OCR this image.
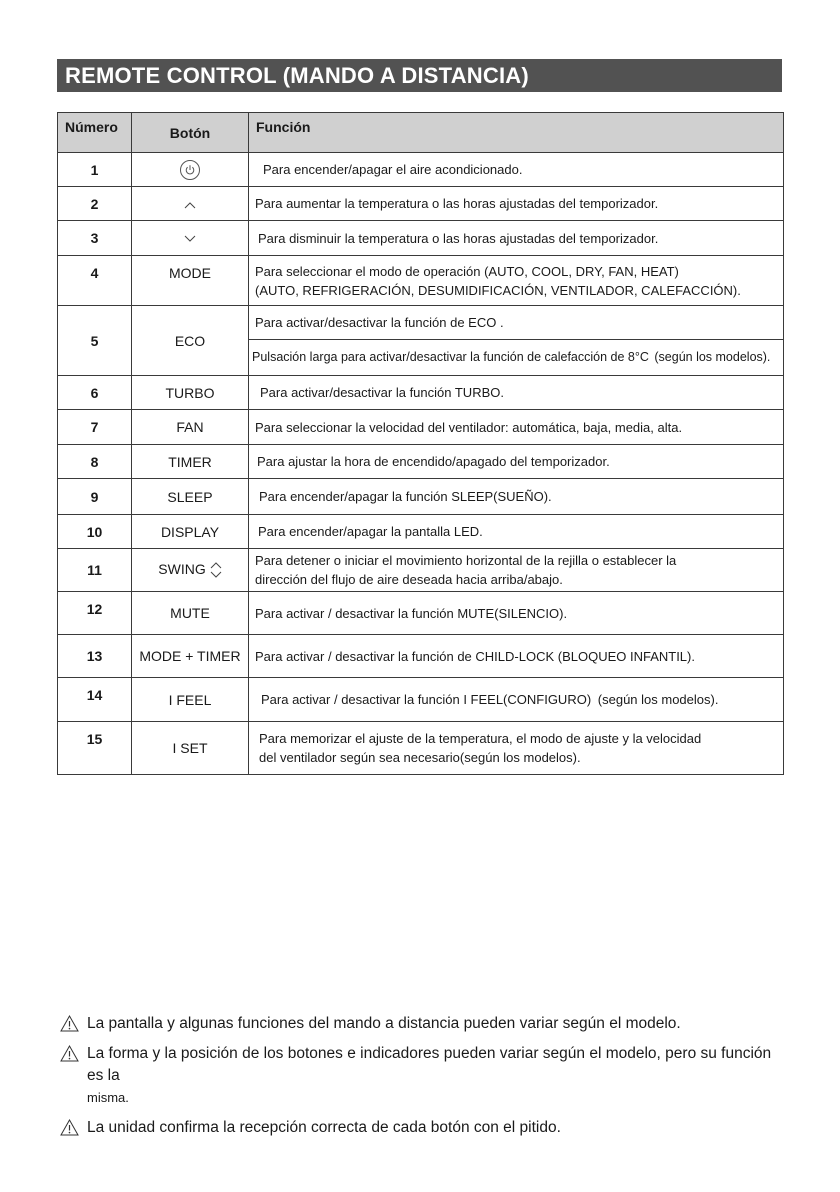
REMOTE CONTROL (MANDO A DISTANCIA)
Número	Botón	Función
1		Para encender/apagar el aire acondicionado.
2		Para aumentar la temperatura o las horas ajustadas del temporizador.
3		Para disminuir la temperatura o las horas ajustadas del temporizador.
4	MODE	Para seleccionar el modo de operación (AUTO, COOL, DRY, FAN, HEAT)
(AUTO, REFRIGERACIÓN, DESUMIDIFICACIÓN, VENTILADOR, CALEFACCIÓN).

5	ECO	Para activar/desactivar la función de ECO .
		Pulsación larga para activar/desactivar la función de calefacción de 8°C (según los modelos).
6	TURBO	Para activar/desactivar la función TURBO.
7	FAN	Para seleccionar la velocidad del ventilador: automática, baja, media, alta.
8	TIMER	Para ajustar la hora de encendido/apagado del temporizador.
9	SLEEP	Para encender/apagar la función SLEEP(SUEÑO).
10	DISPLAY	Para encender/apagar la pantalla LED.
11	SWING	Para detener o iniciar el movimiento horizontal de la rejilla o establecer la
dirección del flujo de aire deseada hacia arriba/abajo.

12	MUTE	Para activar / desactivar la función MUTE(SILENCIO).
13	MODE + TIMER	Para activar / desactivar la función de CHILD-LOCK (BLOQUEO INFANTIL).
14	I FEEL	Para activar / desactivar la función I FEEL(CONFIGURO) (según los modelos).
15	I SET	Para memorizar el ajuste de la temperatura, el modo de ajuste y la velocidad
del ventilador según sea necesario(según los modelos).
La pantalla y algunas funciones del mando a distancia pueden variar según el modelo.
La forma y la posición de los botones e indicadores pueden variar según el modelo, pero su función es la
misma.
La unidad confirma la recepción correcta de cada botón con el pitido.
